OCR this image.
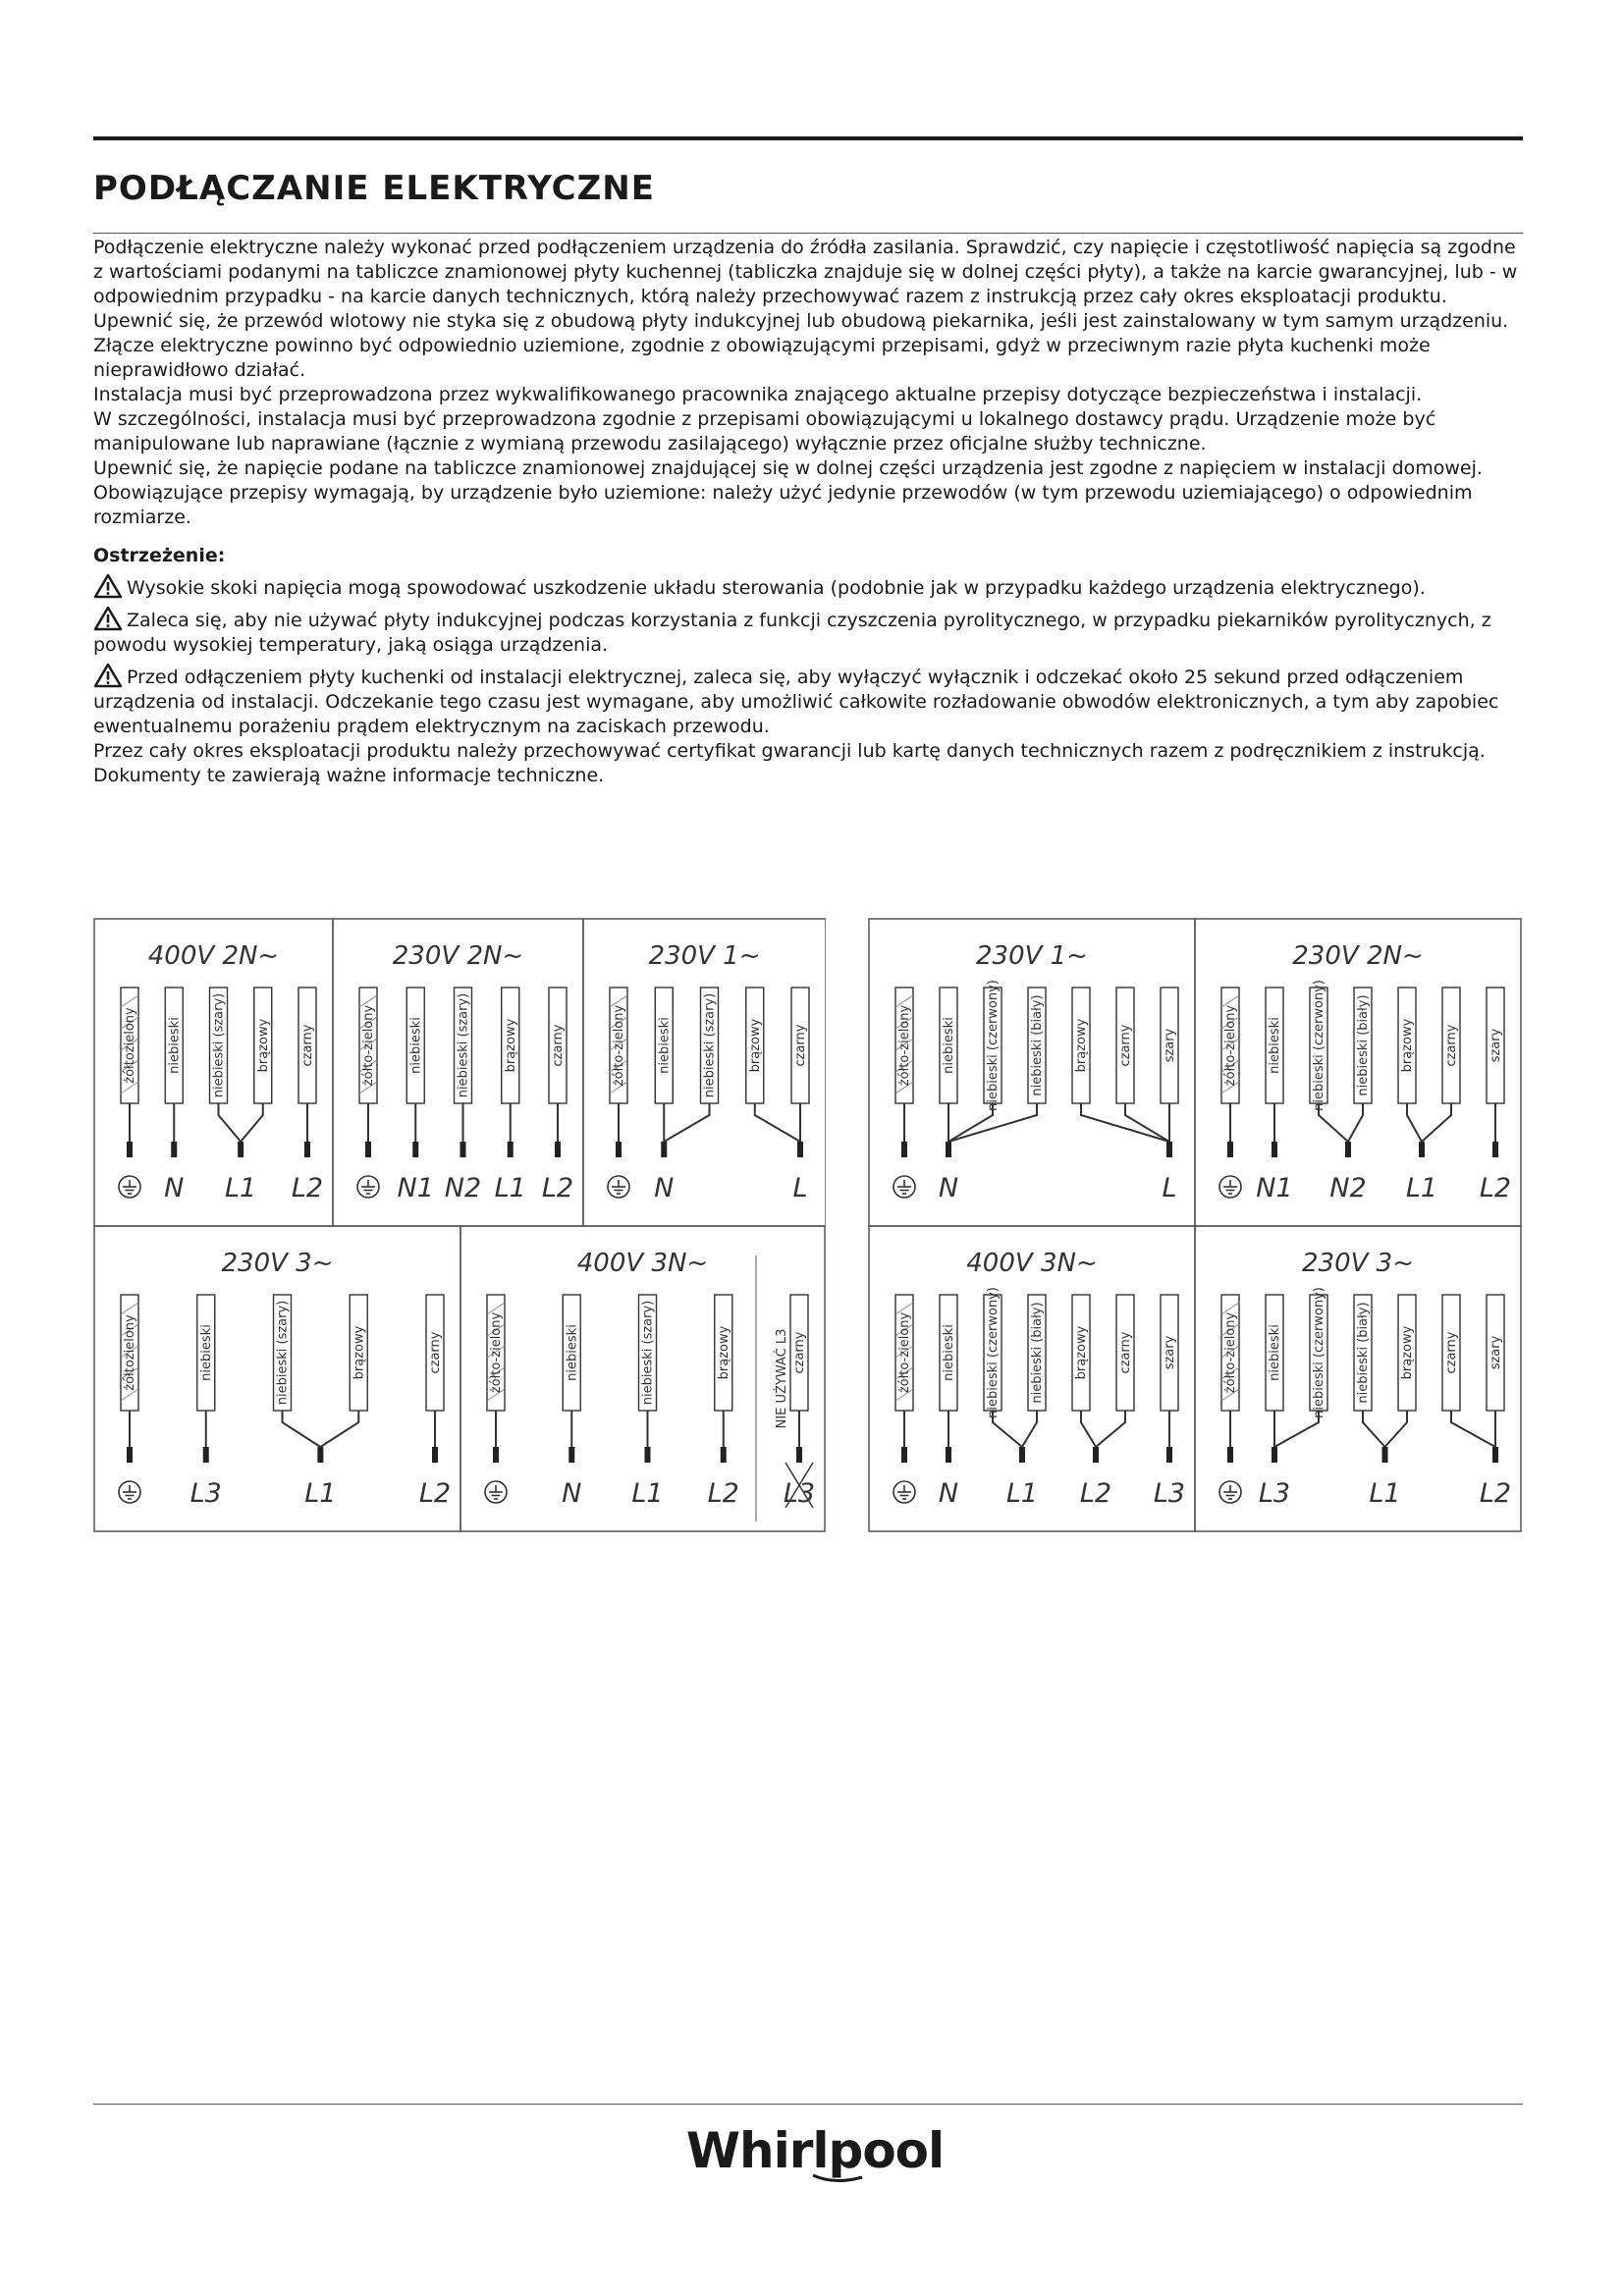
PODŁĄCZANIE ELEKTRYCZNE

Podłączenie elektryczne należy wykonać przed podłączeniem urządzenia do źródła zasilania. Sprawdzić, czy napięcie i częstotliwość napięcia są zgodne z wartościami podanymi na tabliczce znamionowej płyty kuchennej (tabliczka znajduje się w dolnej części płyty), a także na karcie gwarancyjnej, lub - w odpowiednim przypadku - na karcie danych technicznych, którą należy przechowywać razem z instrukcją przez cały okres eksploatacji produktu. Upewnić się, że przewód wlotowy nie styka się z obudową płyty indukcyjnej lub obudową piekarnika, jeśli jest zainstalowany w tym samym urządzeniu.

Złącze elektryczne powinno być odpowiednio uziemione, zgodnie z obowiązującymi przepisami, gdyż w przeciwnym razie płyta kuchenki może nieprawidłowo działać.

Instalacja musi być przeprowadzona przez wykwalifikowanego pracownika znającego aktualne przepisy dotyczące bezpieczeństwa i instalacji.

W szczególności, instalacja musi być przeprowadzona zgodnie z przepisami obowiązującymi u lokalnego dostawcy prądu. Urządzenie może być manipulowane lub naprawiane (łącznie z wymianą przewodu zasilającego) wyłącznie przez oficjalne służby techniczne.

Upewnić się, że napięcie podane na tabliczce znamionowej znajdującej się w dolnej części urządzenia jest zgodne z napięciem w instalacji domowej.

Obowiązujące przepisy wymagają, by urządzenie było uziemione: należy użyć jedynie przewodów (w tym przewodu uziemiającego) o odpowiednim rozmiarze.

Ostrzeżenie:

Wysokie skoki napięcia mogą spowodować uszkodzenie układu sterowania (podobnie jak w przypadku każdego urządzenia elektrycznego).

Zaleca się, aby nie używać płyty indukcyjnej podczas korzystania z funkcji czyszczenia pyrolitycznego, w przypadku piekarników pyrolitycznych, z powodu wysokiej temperatury, jaką osiąga urządzenia.

Przed odłączeniem płyty kuchenki od instalacji elektrycznej, zaleca się, aby wyłączyć wyłącznik i odczekać około 25 sekund przed odłączeniem urządzenia od instalacji. Odczekanie tego czasu jest wymagane, aby umożliwić całkowite rozładowanie obwodów elektronicznych, a tym aby zapobiec ewentualnemu porażeniu prądem elektrycznym na zaciskach przewodu.

Przez cały okres eksploatacji produktu należy przechowywać certyfikat gwarancji lub kartę danych technicznych razem z podręcznikiem z instrukcją. Dokumenty te zawierają ważne informacje techniczne.

400V 2N~
żółtozielony niebieski niebieski (szary) brązowy czarny
N L1 L2
230V 2N~
żółto-zielony	niebieski	niebieski (szary)	brązowy	czarny
N1 N2 L1 L2
230V 1~
żółto-zielony niebieski niebieski (szary) brązowy czarny
N	L
230V 3~
żółtozielony	niebieski	niebieski (szary)	brązowy	czarny
L3	L1	L2
400V 3N~
żółto-zielony	niebieski	niebieski (szary)	brązowy	czarny
N L1 L2 L3
NIE UŻYWAĆ L3
230V 1~
żółto-zielony niebieski niebieski (czerwony) niebieski (biały) brązowy czarny szary
N	L
230V 2N~
żółto-zielony niebieski niebieski (czerwony) niebieski (biały) brązowy czarny szary
N1 N2 L1 L2
400V 3N~
żółto-zielony niebieski niebieski (czerwony) niebieski (biały) brązowy czarny szary
N L1 L2 L3
230V 3~
żółto-zielony niebieski niebieski (czerwony) niebieski (biały) brązowy czarny szary
L3	L1	L2
Whirlpool
